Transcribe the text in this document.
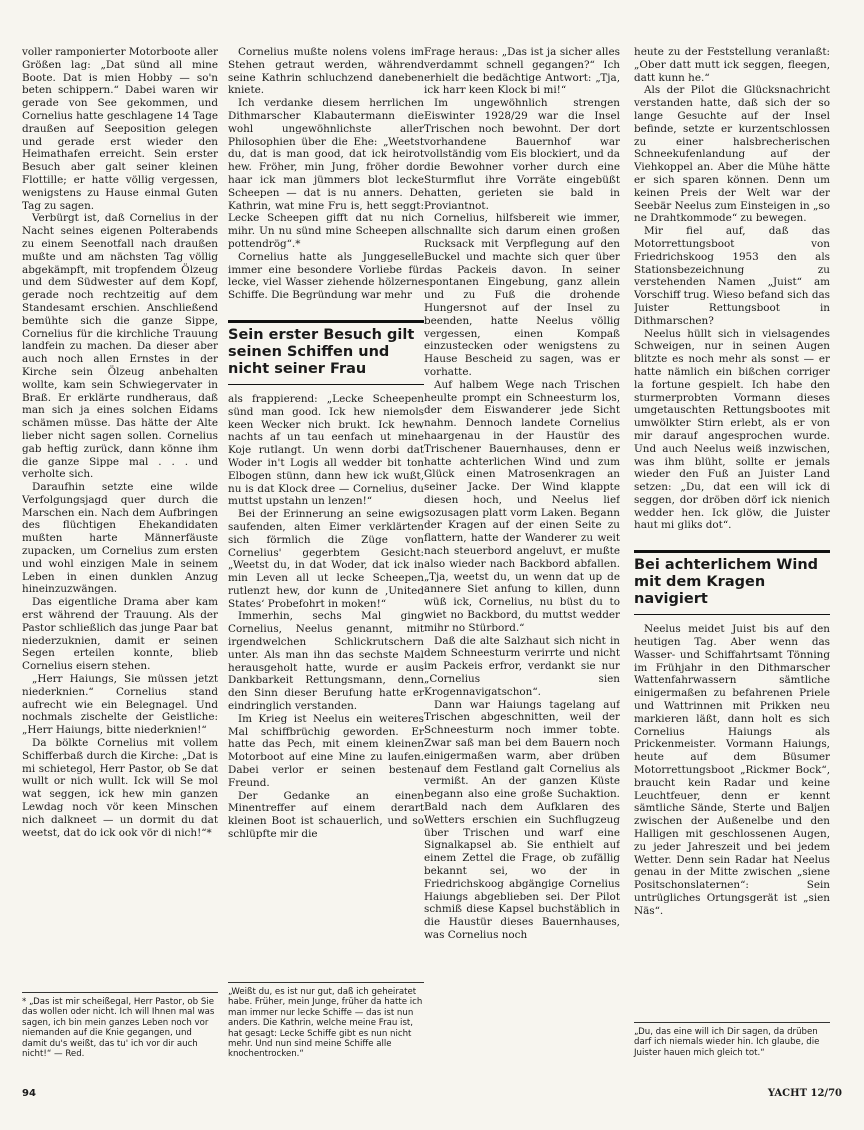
voller ramponierter Motorboote aller Größen lag: „Dat sünd all mine Boote. Dat is mien Hobby — so'n beten schippern.“ Dabei waren wir gerade von See gekommen, und Cornelius hatte geschlagene 14 Tage draußen auf Seeposition gelegen und gerade erst wieder den Heimathafen erreicht. Sein erster Besuch aber galt seiner kleinen Flottille; er hatte völlig vergessen, wenigstens zu Hause einmal Guten Tag zu sagen.

Verbürgt ist, daß Cornelius in der Nacht seines eigenen Polterabends zu einem Seenotfall nach draußen mußte und am nächsten Tag völlig abgekämpft, mit tropfendem Ölzeug und dem Südwester auf dem Kopf, gerade noch rechtzeitig auf dem Standesamt erschien. Anschließend bemühte sich die ganze Sippe, Cornelius für die kirchliche Trauung landfein zu machen. Da dieser aber auch noch allen Ernstes in der Kirche sein Ölzeug anbehalten wollte, kam sein Schwiegervater in Braß. Er erklärte rundheraus, daß man sich ja eines solchen Eidams schämen müsse. Das hätte der Alte lieber nicht sagen sollen. Cornelius gab heftig zurück, dann könne ihm die ganze Sippe mal . . . und verholte sich.

Daraufhin setzte eine wilde Verfolgungsjagd quer durch die Marschen ein. Nach dem Aufbringen des flüchtigen Ehekandidaten mußten harte Männerfäuste zupacken, um Cornelius zum ersten und wohl einzigen Male in seinem Leben in einen dunklen Anzug hineinzuzwängen.

Das eigentliche Drama aber kam erst während der Trauung. Als der Pastor schließlich das junge Paar bat niederzuknien, damit er seinen Segen erteilen konnte, blieb Cornelius eisern stehen.

„Herr Haiungs, Sie müssen jetzt niederknien.“ Cornelius stand aufrecht wie ein Belegnagel. Und nochmals zischelte der Geistliche: „Herr Haiungs, bitte niederknien!“

Da bölkte Cornelius mit vollem Schifferbaß durch die Kirche: „Dat is mi schietegol, Herr Pastor, ob Se dat wullt or nich wullt. Ick will Se mol wat seggen, ick hew min ganzen Lewdag noch vör keen Minschen nich dalkneet — un dormit du dat weetst, dat do ick ook vör di nich!“*

Cornelius mußte nolens volens im Stehen getraut werden, während seine Kathrin schluchzend daneben kniete.

Ich verdanke diesem herrlichen Dithmarscher Klabautermann die wohl ungewöhnlichste aller Philosophien über die Ehe: „Weetst du, dat is man good, dat ick heirot hew. Fröher, min Jung, fröher dor haar ick man jümmers blot lecke Scheepen — dat is nu anners. De Kathrin, wat mine Fru is, hett seggt: Lecke Scheepen gifft dat nu nich mihr. Un nu sünd mine Scheepen all pottendrög“.*

Cornelius hatte als Junggeselle immer eine besondere Vorliebe für lecke, viel Wasser ziehende hölzerne Schiffe. Die Begründung war mehr

Sein erster Besuch gilt seinen Schiffen und nicht seiner Frau

als frappierend: „Lecke Scheepen sünd man good. Ick hew niemols keen Wecker nich brukt. Ick hew nachts af un tau eenfach ut mine Koje rutlangt. Un wenn dorbi dat Woder in't Logis all wedder bit ton Elbogen stünn, dann hew ick wußt, nu is dat Klock dree — Cornelius, du muttst upstahn un lenzen!“

Bei der Erinnerung an seine ewig saufenden, alten Eimer verklärten sich förmlich die Züge von Cornelius' gegerbtem Gesicht: „Weetst du, in dat Woder, dat ick in min Leven all ut lecke Scheepen rutlenzt hew, dor kunn de ‚United States‘ Probefohrt in moken!“

Immerhin, sechs Mal ging Cornelius, Neelus genannt, mit irgendwelchen Schlickrutschern unter. Als man ihn das sechste Mal herausgeholt hatte, wurde er aus Dankbarkeit Rettungsmann, denn den Sinn dieser Berufung hatte er eindringlich verstanden.

Im Krieg ist Neelus ein weiteres Mal schiffbrüchig geworden. Er hatte das Pech, mit einem kleinen Motorboot auf eine Mine zu laufen. Dabei verlor er seinen besten Freund.

Der Gedanke an einen Minentreffer auf einem derart kleinen Boot ist schauerlich, und so schlüpfte mir die

Frage heraus: „Das ist ja sicher alles verdammt schnell gegangen?“ Ich erhielt die bedächtige Antwort: „Tja, ick harr keen Klock bi mi!“

Im ungewöhnlich strengen Eiswinter 1928/29 war die Insel Trischen noch bewohnt. Der dort vorhandene Bauernhof war vollständig vom Eis blockiert, und da die Bewohner vorher durch eine Sturmflut ihre Vorräte eingebüßt hatten, gerieten sie bald in Proviantnot.

Cornelius, hilfsbereit wie immer, schnallte sich darum einen großen Rucksack mit Verpflegung auf den Buckel und machte sich quer über das Packeis davon. In seiner spontanen Eingebung, ganz allein und zu Fuß die drohende Hungersnot auf der Insel zu beenden, hatte Neelus völlig vergessen, einen Kompaß einzustecken oder wenigstens zu Hause Bescheid zu sagen, was er vorhatte.

Auf halbem Wege nach Trischen heulte prompt ein Schneesturm los, der dem Eiswanderer jede Sicht nahm. Dennoch landete Cornelius haargenau in der Haustür des Trischener Bauernhauses, denn er hatte achterlichen Wind und zum Glück einen Matrosenkragen an seiner Jacke. Der Wind klappte diesen hoch, und Neelus lief sozusagen platt vorm Laken. Begann der Kragen auf der einen Seite zu flattern, hatte der Wanderer zu weit nach steuerbord angeluvt, er mußte also wieder nach Backbord abfallen. „Tja, weetst du, un wenn dat up de annere Siet anfung to killen, dunn wüß ick, Cornelius, nu büst du to wiet no Backbord, du muttst wedder mihr no Stürbord.“

Daß die alte Salzhaut sich nicht in dem Schneesturm verirrte und nicht im Packeis erfror, verdankt sie nur „Cornelius sien Krogennavigatschon“.

Dann war Haiungs tagelang auf Trischen abgeschnitten, weil der Schneesturm noch immer tobte. Zwar saß man bei dem Bauern noch einigermaßen warm, aber drüben auf dem Festland galt Cornelius als vermißt. An der ganzen Küste begann also eine große Suchaktion. Bald nach dem Aufklaren des Wetters erschien ein Suchflugzeug über Trischen und warf eine Signalkapsel ab. Sie enthielt auf einem Zettel die Frage, ob zufällig bekannt sei, wo der in Friedrichskoog abgängige Cornelius Haiungs abgeblieben sei. Der Pilot schmiß diese Kapsel buchstäblich in die Haustür dieses Bauernhauses, was Cornelius noch

heute zu der Feststellung veranlaßt: „Ober datt mutt ick seggen, fleegen, datt kunn he.“

Als der Pilot die Glücksnachricht verstanden hatte, daß sich der so lange Gesuchte auf der Insel befinde, setzte er kurzentschlossen zu einer halsbrecherischen Schneekufenlandung auf der Viehkoppel an. Aber die Mühe hätte er sich sparen können. Denn um keinen Preis der Welt war der Seebär Neelus zum Einsteigen in „so ne Drahtkommode“ zu bewegen.

Mir fiel auf, daß das Motorrettungsboot von Friedrichskoog 1953 den als Stationsbezeichnung zu verstehenden Namen „Juist“ am Vorschiff trug. Wieso befand sich das Juister Rettungsboot in Dithmarschen?

Neelus hüllt sich in vielsagendes Schweigen, nur in seinen Augen blitzte es noch mehr als sonst — er hatte nämlich ein bißchen corriger la fortune gespielt. Ich habe den sturmerprobten Vormann dieses umgetauschten Rettungsbootes mit umwölkter Stirn erlebt, als er von mir darauf angesprochen wurde. Und auch Neelus weiß inzwischen, was ihm blüht, sollte er jemals wieder den Fuß an Juister Land setzen: „Du, dat een will ick di seggen, dor dröben dörf ick nienich wedder hen. Ick glöw, die Juister haut mi gliks dot“.

Bei achterlichem Wind mit dem Kragen navigiert

Neelus meidet Juist bis auf den heutigen Tag. Aber wenn das Wasser- und Schiffahrtsamt Tönning im Frühjahr in den Dithmarscher Wattenfahrwassern sämtliche einigermaßen zu befahrenen Priele und Wattrinnen mit Prikken neu markieren läßt, dann holt es sich Cornelius Haiungs als Prickenmeister. Vormann Haiungs, heute auf dem Büsumer Motorrettungsboot „Rickmer Bock“, braucht kein Radar und keine Leuchtfeuer, denn er kennt sämtliche Sände, Sterte und Baljen zwischen der Außenelbe und den Halligen mit geschlossenen Augen, zu jeder Jahreszeit und bei jedem Wetter. Denn sein Radar hat Neelus genau in der Mitte zwischen „siene Positschonslaternen“: Sein untrügliches Ortungsgerät ist „sien Näs“.

* „Das ist mir scheißegal, Herr Pastor, ob Sie das wollen oder nicht. Ich will Ihnen mal was sagen, ich bin mein ganzes Leben noch vor niemanden auf die Knie gegangen, und damit du's weißt, das tu' ich vor dir auch nicht!“ — Red.
„Weißt du, es ist nur gut, daß ich geheiratet habe. Früher, mein Junge, früher da hatte ich man immer nur lecke Schiffe — das ist nun anders. Die Kathrin, welche meine Frau ist, hat gesagt: Lecke Schiffe gibt es nun nicht mehr. Und nun sind meine Schiffe alle knochentrocken.“
„Du, das eine will ich Dir sagen, da drüben darf ich niemals wieder hin. Ich glaube, die Juister hauen mich gleich tot.“
94	YACHT 12/70
